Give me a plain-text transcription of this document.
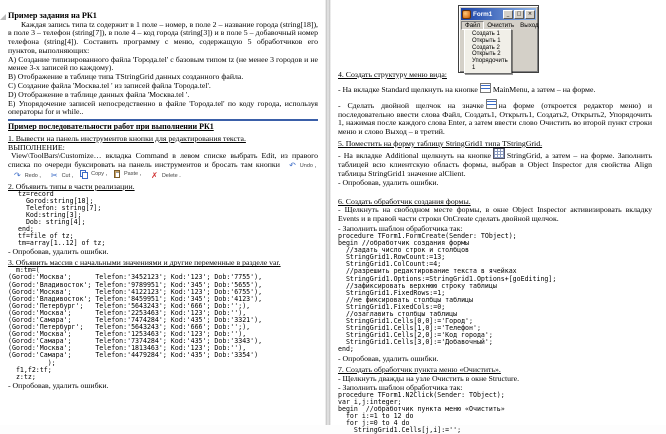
Пример задания на РК1
Каждая запись типа tz содержит в 1 поле – номер, в поле 2 – название города (string[18]), в поле 3 – телефон (string[7]), в поле 4 – код города (string[3]) и в поле 5 – добавочный номер телефона (string[4]). Составить программу с меню, содержащую 5 обработчиков его пунктов, выполняющих:
А) Создание типизированного файла 'Города.tel' с базовым типом tz (не менее 3 городов и не менее 3-х записей по каждому).
B) Отображение в таблице типа TStringGrid данных созданного файла.
C) Создание файла 'Москва.tel ' из записей файла 'Города.tel'.
D) Отображение в таблице данных файла 'Москва.tel '.
E) Упорядочение записей непосредственно в файле 'Города.tel' по коду города, используя операторы for и while..
Пример последовательности работ при выполнении РК1
1. Вывести на панель инструментов кнопки для редактирования текста.
ВЫПОЛНЕНИЕ:
View\ToolBars\Customize… вкладка Command в левом списке выбрать Edit, из правого списка по очереди буксировать на панель инструментов и бросать там кнопки	↶ Undo ,

↷ Redo ,
	✂ Cut ,
	Copy ,
	Paste ,
	✗ Delete .
2. Объявить типы в части реализации.
tz=record
Gorod:string[18];
Telefon: string[7];
Kod:string[3];
Dob: string[4];
end;
tf=file of tz;
tm=array[1..12] of tz;
- Опробовав, удалить ошибки.
3. Объявить массив с начальными значениями и другие переменные в разделе var.
m:tm=(
(Gorod:'Москва';      Telefon:'3452123'; Kod:'123'; Dob:'7755'),
(Gorod:'Владивосток'; Telefon:'9789951'; Kod:'345'; Dob:'5655'),
(Gorod:'Москва';      Telefon:'4122123'; Kod:'123'; Dob:'6755'),
(Gorod:'Владивосток'; Telefon:'8459951'; Kod:'345'; Dob:'4123'),
(Gorod:'Петербург';   Telefon:'5643243'; Kod:'666'; Dob:'';),
(Gorod:'Москва';      Telefon:'2253463'; Kod:'123'; Dob:''),
(Gorod:'Самара';      Telefon:'7474284'; Kod:'435'; Dob:'3321'),
(Gorod:'Петербург';   Telefon:'5643243'; Kod:'666'; Dob:'';),
(Gorod:'Москва';      Telefon:'1253463'; Kod:'123'; Dob:''),
(Gorod:'Самара';      Telefon:'7374284'; Kod:'435'; Dob:'3343'),
(Gorod:'Москва';      Telefon:'1813463'; Kod:'123'; Dob:''),
(Gorod:'Самара';      Telefon:'4479284'; Kod:'435'; Dob:'3354')
);
f1,f2:tf;
z:tz;
- Опробовав, удалить ошибки.
Form1	_	□	×
Файл	Очистить Выход
Создать 1
Открыть 1
Создать 2
Открыть 2
Упорядочить 1
4. Создать структуру меню вида:
- На вкладке Standard щелкнуть на кнопке MainMenu, а затем – на форме.
- Сделать двойной щелчок на значке на форме (откроется редактор меню) и последовательно ввести слова Файл, Создать1, Открыть1, Создать2, Открыть2, Упорядочить 1, нажимая после каждого слова Enter, а затем ввести слово Очистить во второй пункт строки меню и слово Выход – в третий.
5. Поместить на форму таблицу StringGrid1 типа TStringGrid.
- На вкладке Additional щелкнуть на кнопке StringGrid, а затем – на форме. Заполнить таблицей всю клиентскую область формы, выбрав в Object Inspector для свойства Align таблицы StringGrid1 значение alClient.
- Опробовав, удалить ошибки.
6. Создать обработчик создания формы.
- Щелкнуть на свободном месте формы, в окне Object Inspector активизировать вкладку Events и в правой части строки OnCreate сделать двойной щелчок.
- Заполнить шаблон обработчика так:
procedure TForm1.FormCreate(Sender: TObject);
begin //обработчик создания формы
//задать число строк и столбцов
StringGrid1.RowCount:=13;
StringGrid1.ColCount:=4;
//разрешить редактирование текста в ячейках
StringGrid1.Options:=StringGrid1.Options+[goEditing];
//зафиксировать верхнюю строку таблицы
StringGrid1.FixedRows:=1;
//не фиксировать столбцы таблицы
StringGrid1.FixedCols:=0;
//озаглавить столбцы таблицы
StringGrid1.Cells[0,0]:='Город';
StringGrid1.Cells[1,0]:='Телефон';
StringGrid1.Cells[2,0]:='Код города';
StringGrid1.Cells[3,0]:='Добавочный';
end;
- Опробовав, удалить ошибки.
7. Создать обработчик пункта меню «Очистить».
- Щелкнуть дважды на узле Очистить в окне Structure.
- Заполнить шаблон обработчика так:
procedure TForm1.N2Click(Sender: TObject);
var i,j:integer;
begin  //обработчик пункта меню «Очистить»
for i:=1 to 12 do
for j:=0 to 4 do
StringGrid1.Cells[j,i]:='';
